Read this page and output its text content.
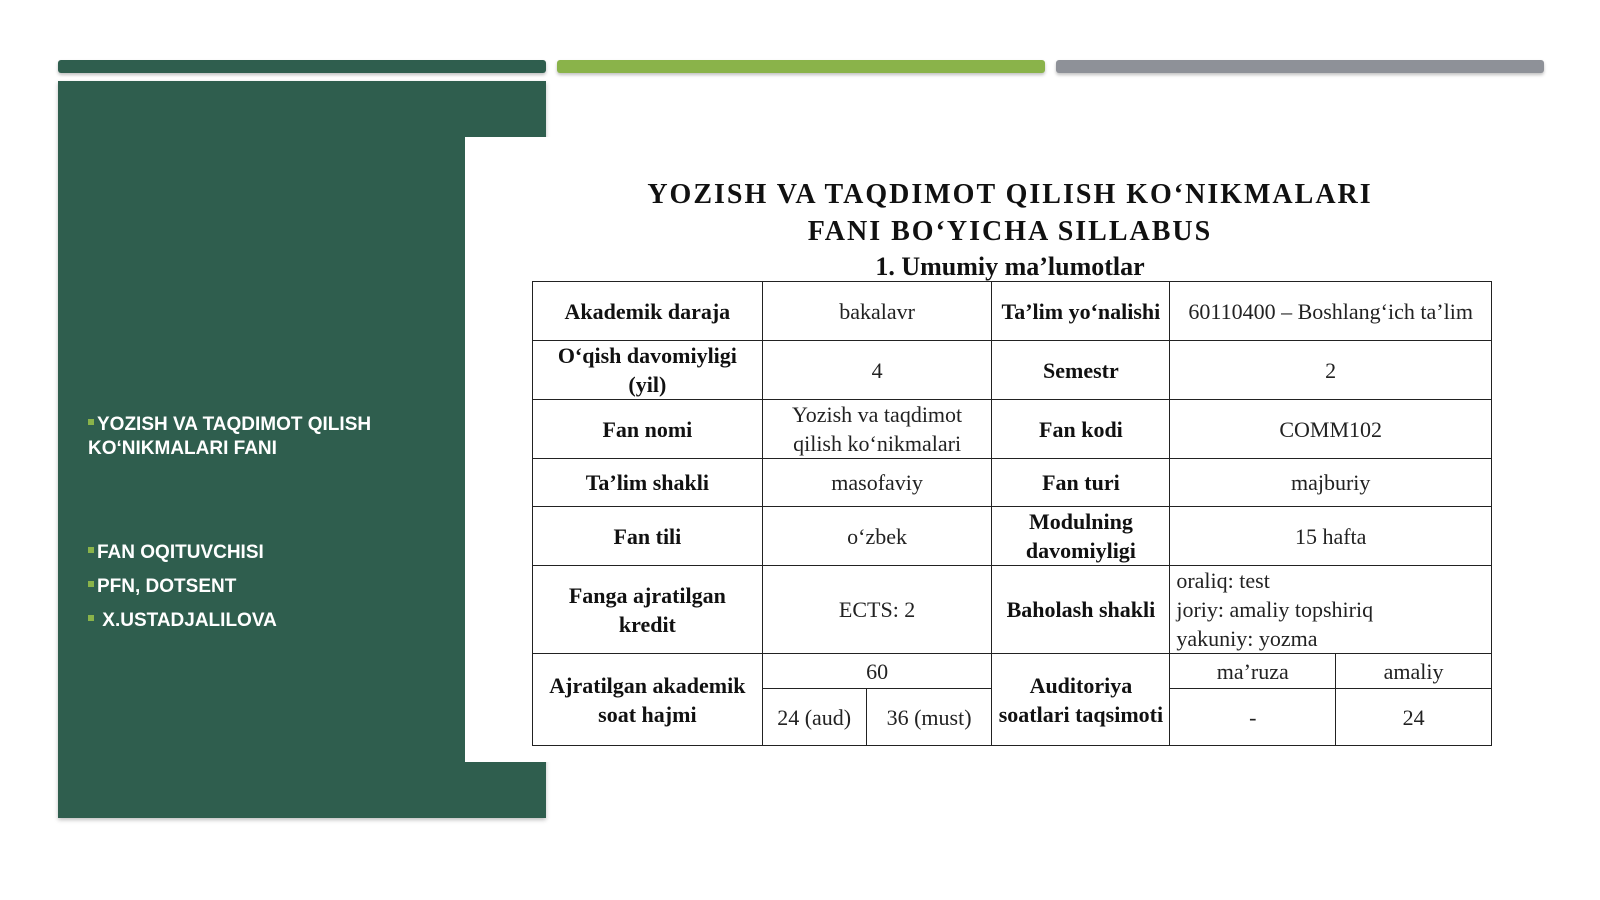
YOZISH VA TAQDIMOT QILISH KO‘NIKMALARI FANI
FAN OQITUVCHISI
PFN, DOTSENT
X.USTADJALILOVA
YOZISH VA TAQDIMOT QILISH KO‘NIKMALARI
FANI BO‘YICHA SILLABUS
1. Umumiy ma’lumotlar
Akademik daraja	bakalavr		Ta’lim yo‘nalishi	60110400 – Boshlang‘ich ta’lim	
O‘qish davomiyligi (yil)	4		Semestr	2	
Fan nomi	Yozish va taqdimot qilish ko‘nikmalari		Fan kodi	COMM102	
Ta’lim shakli	masofaviy		Fan turi	majburiy	
Fan tili	o‘zbek		Modulning davomiyligi	15 hafta	
Fanga ajratilgan kredit	ECTS: 2		Baholash shakli	oraliq: test
joriy: amaliy topshiriq
yakuniy: yozma	

Ajratilgan akademik soat hajmi	60		Auditoriya soatlari taqsimoti	ma’ruza	amaliy
	24 (aud)	36 (must)		-	24
